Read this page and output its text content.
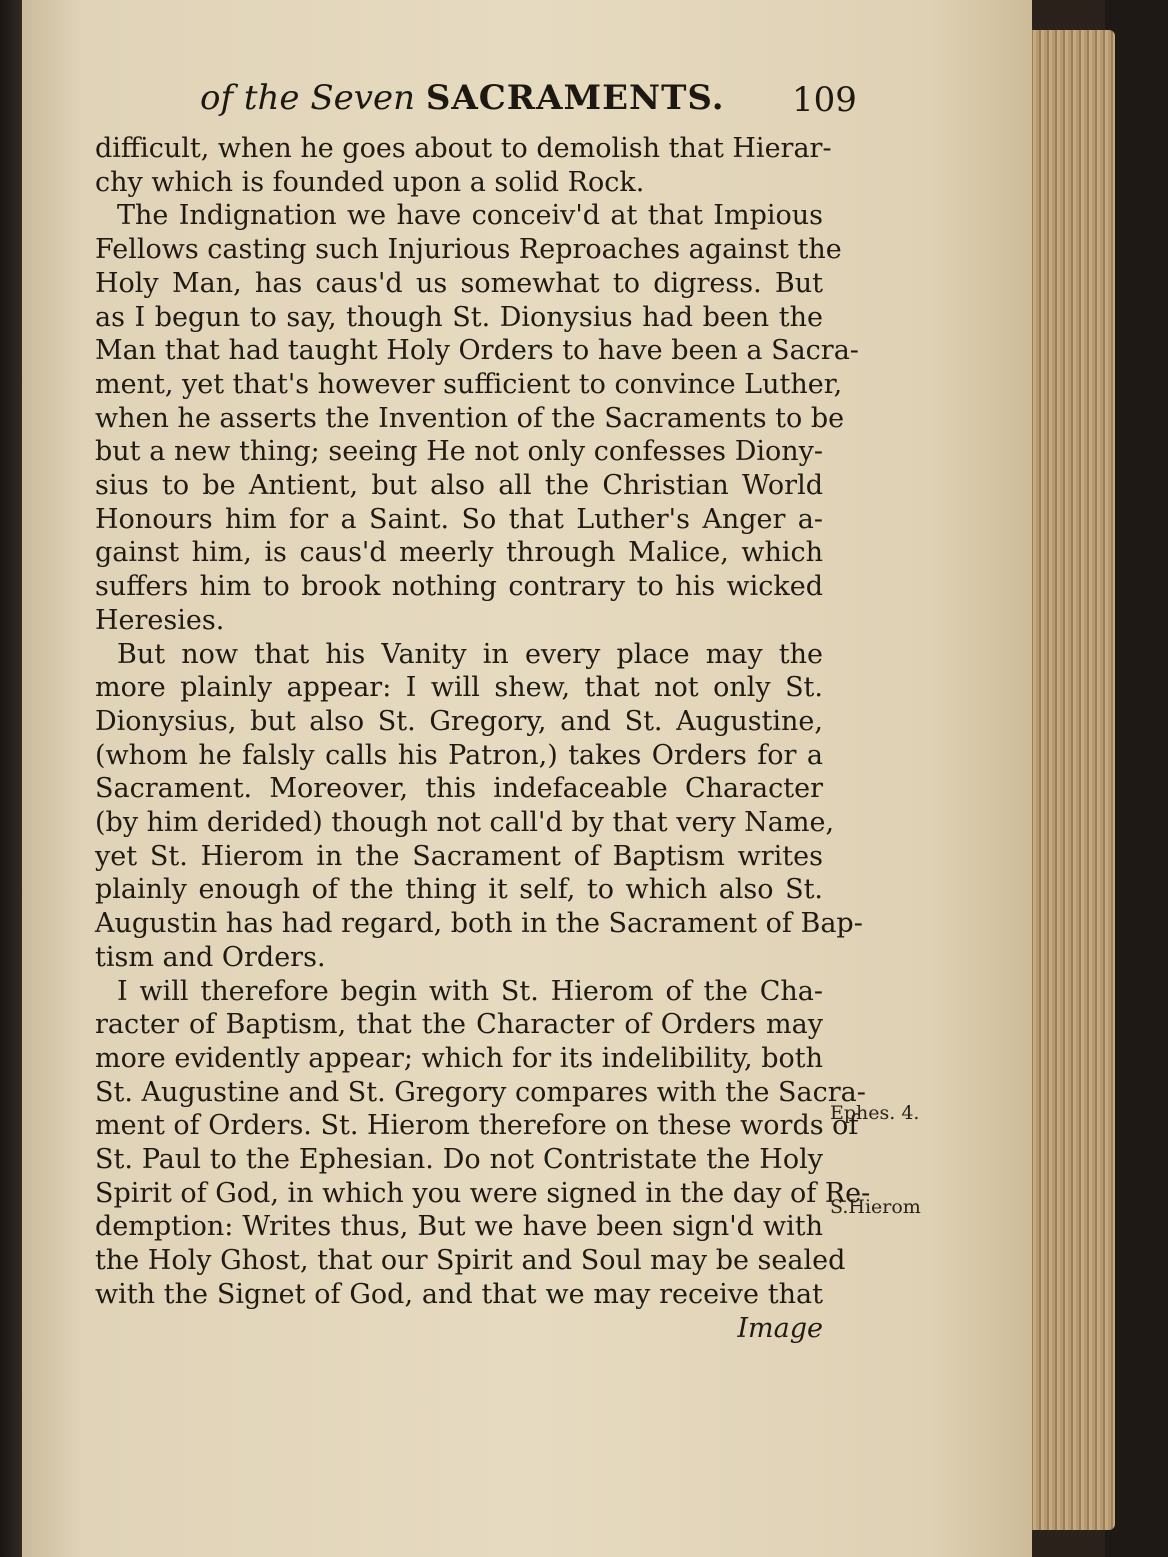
of the Seven SACRAMENTS. 109
difficult, when he goes about to demolish that Hierar-
chy which is founded upon a solid Rock.
The Indignation we have conceiv'd at that Impious
Fellows casting such Injurious Reproaches against the
Holy Man, has caus'd us somewhat to digress. But
as I begun to say, though St. Dionysius had been the
Man that had taught Holy Orders to have been a Sacra-
ment, yet that's however sufficient to convince Luther,
when he asserts the Invention of the Sacraments to be
but a new thing; seeing He not only confesses Diony-
sius to be Antient, but also all the Christian World
Honours him for a Saint. So that Luther's Anger a-
gainst him, is caus'd meerly through Malice, which
suffers him to brook nothing contrary to his wicked
Heresies.
But now that his Vanity in every place may the
more plainly appear: I will shew, that not only St.
Dionysius, but also St. Gregory, and St. Augustine,
(whom he falsly calls his Patron,) takes Orders for a
Sacrament. Moreover, this indefaceable Character
(by him derided) though not call'd by that very Name,
yet St. Hierom in the Sacrament of Baptism writes
plainly enough of the thing it self, to which also St.
Augustin has had regard, both in the Sacrament of Bap-
tism and Orders.
I will therefore begin with St. Hierom of the Cha-
racter of Baptism, that the Character of Orders may
more evidently appear; which for its indelibility, both
St. Augustine and St. Gregory compares with the Sacra-
ment of Orders. St. Hierom therefore on these words of
St. Paul to the Ephesian. Do not Contristate the Holy
Spirit of God, in which you were signed in the day of Re-
demption: Writes thus, But we have been sign'd with
the Holy Ghost, that our Spirit and Soul may be sealed
with the Signet of God, and that we may receive that
Image
Ephes. 4.
S.Hierom
